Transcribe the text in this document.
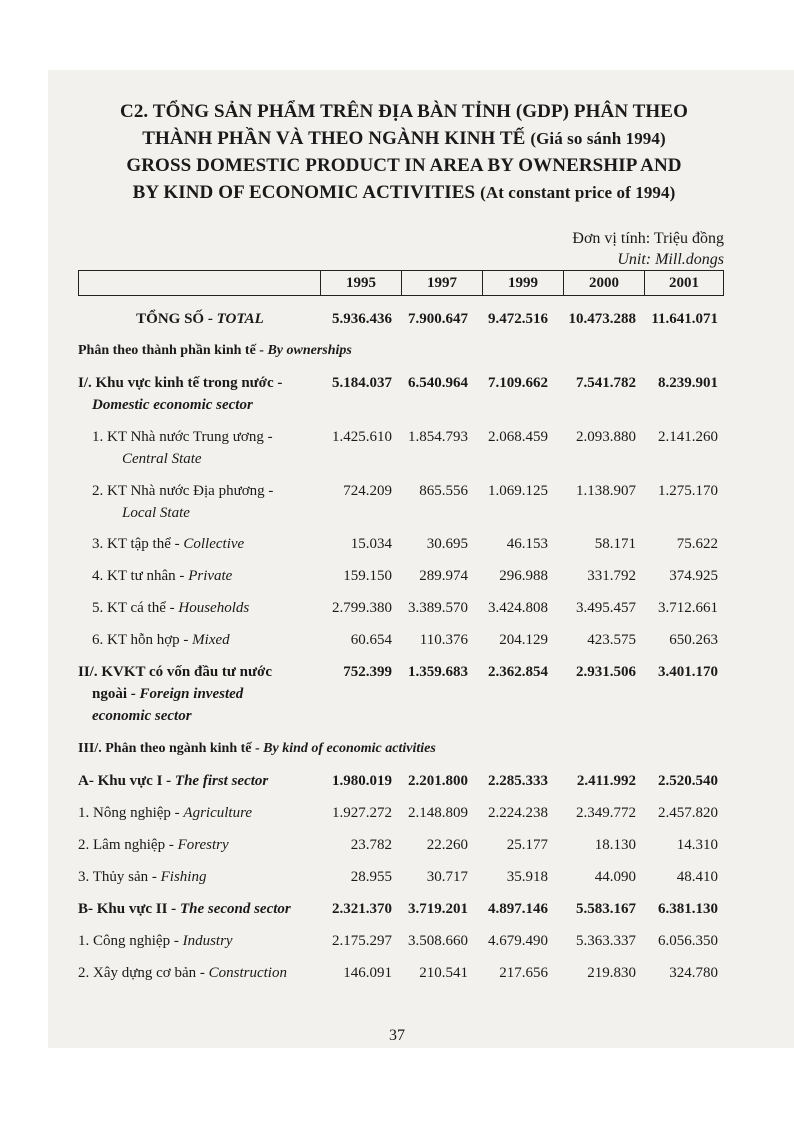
C2. TỔNG SẢN PHẨM TRÊN ĐỊA BÀN TỈNH (GDP) PHÂN THEO
THÀNH PHẦN VÀ THEO NGÀNH KINH TẾ (Giá so sánh 1994)
GROSS DOMESTIC PRODUCT IN AREA BY OWNERSHIP AND
BY KIND OF ECONOMIC ACTIVITIES (At constant price of 1994)
Đơn vị tính: Triệu đồng
Unit: Mill.dongs
1995	1997	1999	2000	2001
TỔNG SỐ - TOTAL	5.936.436	7.900.647	9.472.516	10.473.288	11.641.071
Phân theo thành phần kinh tế - By ownerships
I/. Khu vực kinh tế trong nước -
Domestic economic sector
5.184.037	6.540.964	7.109.662	7.541.782	8.239.901
1. KT Nhà nước Trung ương -
Central State
1.425.610	1.854.793	2.068.459	2.093.880	2.141.260
2. KT Nhà nước Địa phương -
Local State
724.209	865.556	1.069.125	1.138.907	1.275.170
3. KT tập thể - Collective	15.034	30.695	46.153	58.171	75.622
4. KT tư nhân - Private	159.150	289.974	296.988	331.792	374.925
5. KT cá thể - Households	2.799.380	3.389.570	3.424.808	3.495.457	3.712.661
6. KT hỗn hợp - Mixed	60.654	110.376	204.129	423.575	650.263
II/. KVKT có vốn đầu tư nước
ngoài - Foreign invested
economic sector
752.399	1.359.683	2.362.854	2.931.506	3.401.170
III/. Phân theo ngành kinh tế - By kind of economic activities
A- Khu vực I - The first sector	1.980.019	2.201.800	2.285.333	2.411.992	2.520.540
1. Nông nghiệp - Agriculture	1.927.272	2.148.809	2.224.238	2.349.772	2.457.820
2. Lâm nghiệp - Forestry	23.782	22.260	25.177	18.130	14.310
3. Thủy sản - Fishing	28.955	30.717	35.918	44.090	48.410
B- Khu vực II - The second sector	2.321.370	3.719.201	4.897.146	5.583.167	6.381.130
1. Công nghiệp - Industry	2.175.297	3.508.660	4.679.490	5.363.337	6.056.350
2. Xây dựng cơ bản - Construction	146.091	210.541	217.656	219.830	324.780
37
